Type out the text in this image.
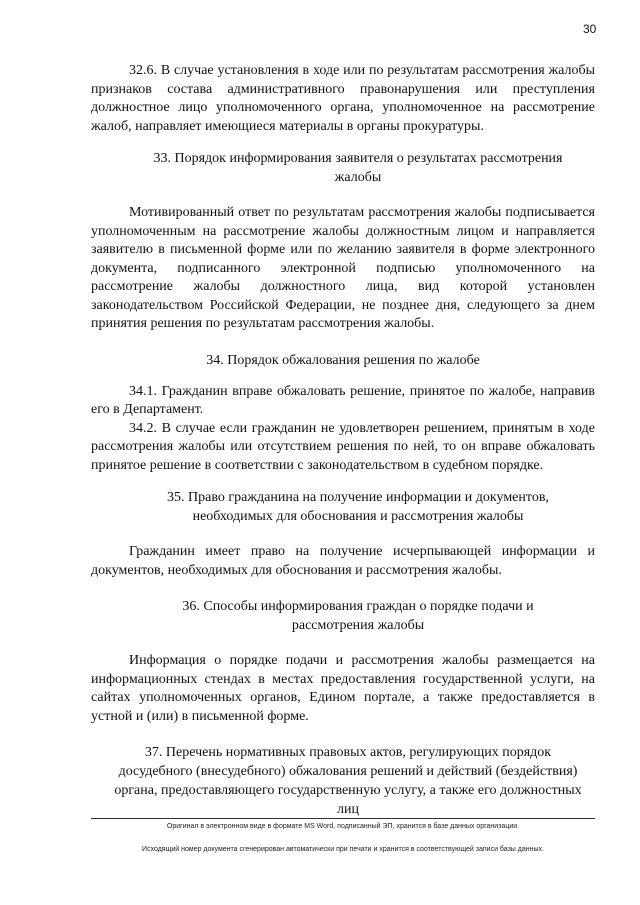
30

32.6. В случае установления в ходе или по результатам рассмотрения жалобы признаков состава административного правонарушения или преступления должностное лицо уполномоченного органа, уполномоченное на рассмотрение жалоб, направляет имеющиеся материалы в органы прокуратуры.

33. Порядок информирования заявителя о результатах рассмотрения жалобы

Мотивированный ответ по результатам рассмотрения жалобы подписывается уполномоченным на рассмотрение жалобы должностным лицом и направляется заявителю в письменной форме или по желанию заявителя в форме электронного документа, подписанного электронной подписью уполномоченного на рассмотрение жалобы должностного лица, вид которой установлен законодательством Российской Федерации, не позднее дня, следующего за днем принятия решения по результатам рассмотрения жалобы.

34. Порядок обжалования решения по жалобе

34.1. Гражданин вправе обжаловать решение, принятое по жалобе, направив его в Департамент.

34.2. В случае если гражданин не удовлетворен решением, принятым в ходе рассмотрения жалобы или отсутствием решения по ней, то он вправе обжаловать принятое решение в соответствии с законодательством в судебном порядке.

35. Право гражданина на получение информации и документов, необходимых для обоснования и рассмотрения жалобы

Гражданин имеет право на получение исчерпывающей информации и документов, необходимых для обоснования и рассмотрения жалобы.

36. Способы информирования граждан о порядке подачи и рассмотрения жалобы

Информация о порядке подачи и рассмотрения жалобы размещается на информационных стендах в местах предоставления государственной услуги, на сайтах уполномоченных органов, Едином портале, а также предоставляется в устной и (или) в письменной форме.

37. Перечень нормативных правовых актов, регулирующих порядок досудебного (внесудебного) обжалования решений и действий (бездействия) органа, предоставляющего государственную услугу, а также его должностных лиц
Оригинал в электронном виде в формате MS Word, подписанный ЭП, хранится в базе данных организации.
Исходящий номер документа сгенерирован автоматически при печати и хранится в соответствующей записи базы данных.
